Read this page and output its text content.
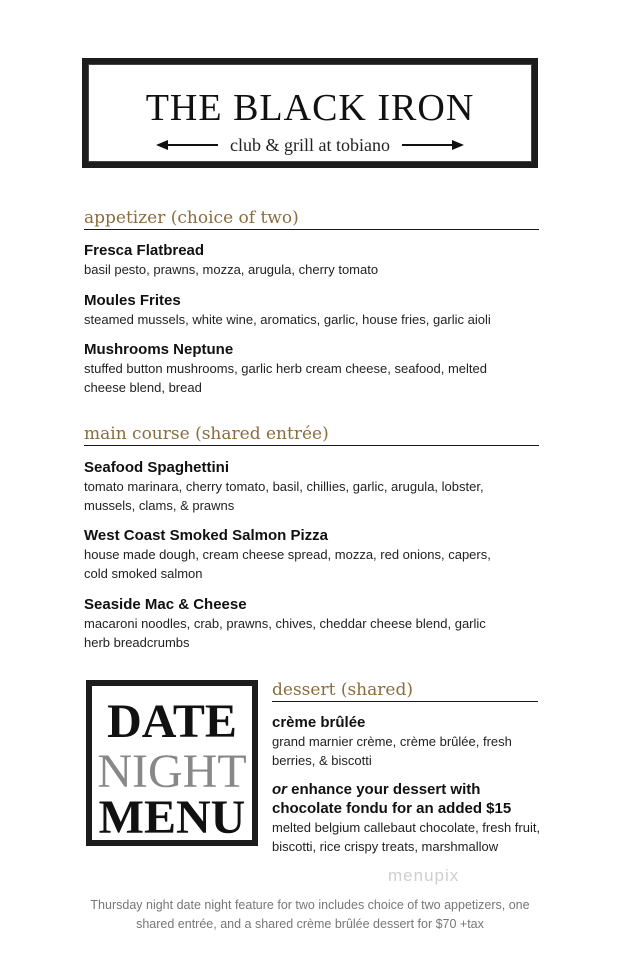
THE BLACK IRON
club & grill at tobiano
appetizer (choice of two)
Fresca Flatbread
basil pesto, prawns, mozza, arugula, cherry tomato
Moules Frites
steamed mussels, white wine, aromatics, garlic, house fries, garlic aioli
Mushrooms Neptune
stuffed button mushrooms, garlic herb cream cheese, seafood, melted cheese blend, bread
main course (shared entrée)
Seafood Spaghettini
tomato marinara, cherry tomato, basil, chillies, garlic, arugula, lobster, mussels, clams, & prawns
West Coast Smoked Salmon Pizza
house made dough, cream cheese spread, mozza, red onions, capers, cold smoked salmon
Seaside Mac & Cheese
macaroni noodles, crab, prawns, chives, cheddar cheese blend, garlic herb breadcrumbs
DATE
NIGHT
MENU
dessert (shared)
crème brûlée
grand marnier crème, crème brûlée, fresh berries, & biscotti
or enhance your dessert with chocolate fondu for an added $15
melted belgium callebaut chocolate, fresh fruit, biscotti, rice crispy treats, marshmallow
menupix
Thursday night date night feature for two includes choice of two appetizers, one shared entrée, and a shared crème brûlée dessert for $70 +tax
